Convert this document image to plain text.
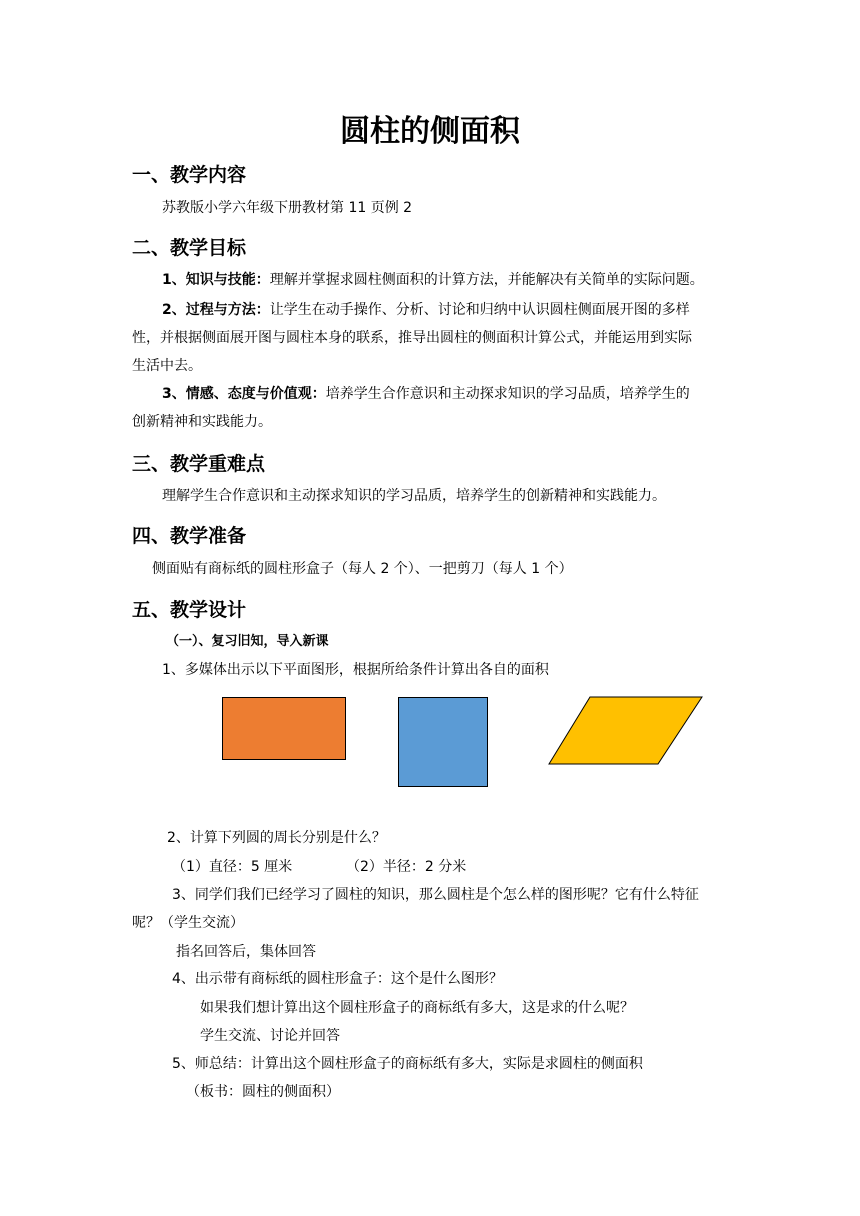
圆柱的侧面积
一、教学内容
苏教版小学六年级下册教材第 11 页例 2
二、教学目标
1、知识与技能：理解并掌握求圆柱侧面积的计算方法，并能解决有关简单的实际问题。
2、过程与方法：让学生在动手操作、分析、讨论和归纳中认识圆柱侧面展开图的多样
性，并根据侧面展开图与圆柱本身的联系，推导出圆柱的侧面积计算公式，并能运用到实际
生活中去。
3、情感、态度与价值观：培养学生合作意识和主动探求知识的学习品质，培养学生的
创新精神和实践能力。
三、教学重难点
理解学生合作意识和主动探求知识的学习品质，培养学生的创新精神和实践能力。
四、教学准备
侧面贴有商标纸的圆柱形盒子（每人 2 个）、一把剪刀（每人 1 个）
五、教学设计
（一）、复习旧知，导入新课
1、多媒体出示以下平面图形，根据所给条件计算出各自的面积
2、计算下列圆的周长分别是什么？
（1）直径：5 厘米	（2）半径：2 分米
3、同学们我们已经学习了圆柱的知识，那么圆柱是个怎么样的图形呢？它有什么特征
呢？（学生交流）
指名回答后，集体回答
4、出示带有商标纸的圆柱形盒子：这个是什么图形？
如果我们想计算出这个圆柱形盒子的商标纸有多大，这是求的什么呢？
学生交流、讨论并回答
5、师总结：计算出这个圆柱形盒子的商标纸有多大，实际是求圆柱的侧面积
（板书：圆柱的侧面积）
